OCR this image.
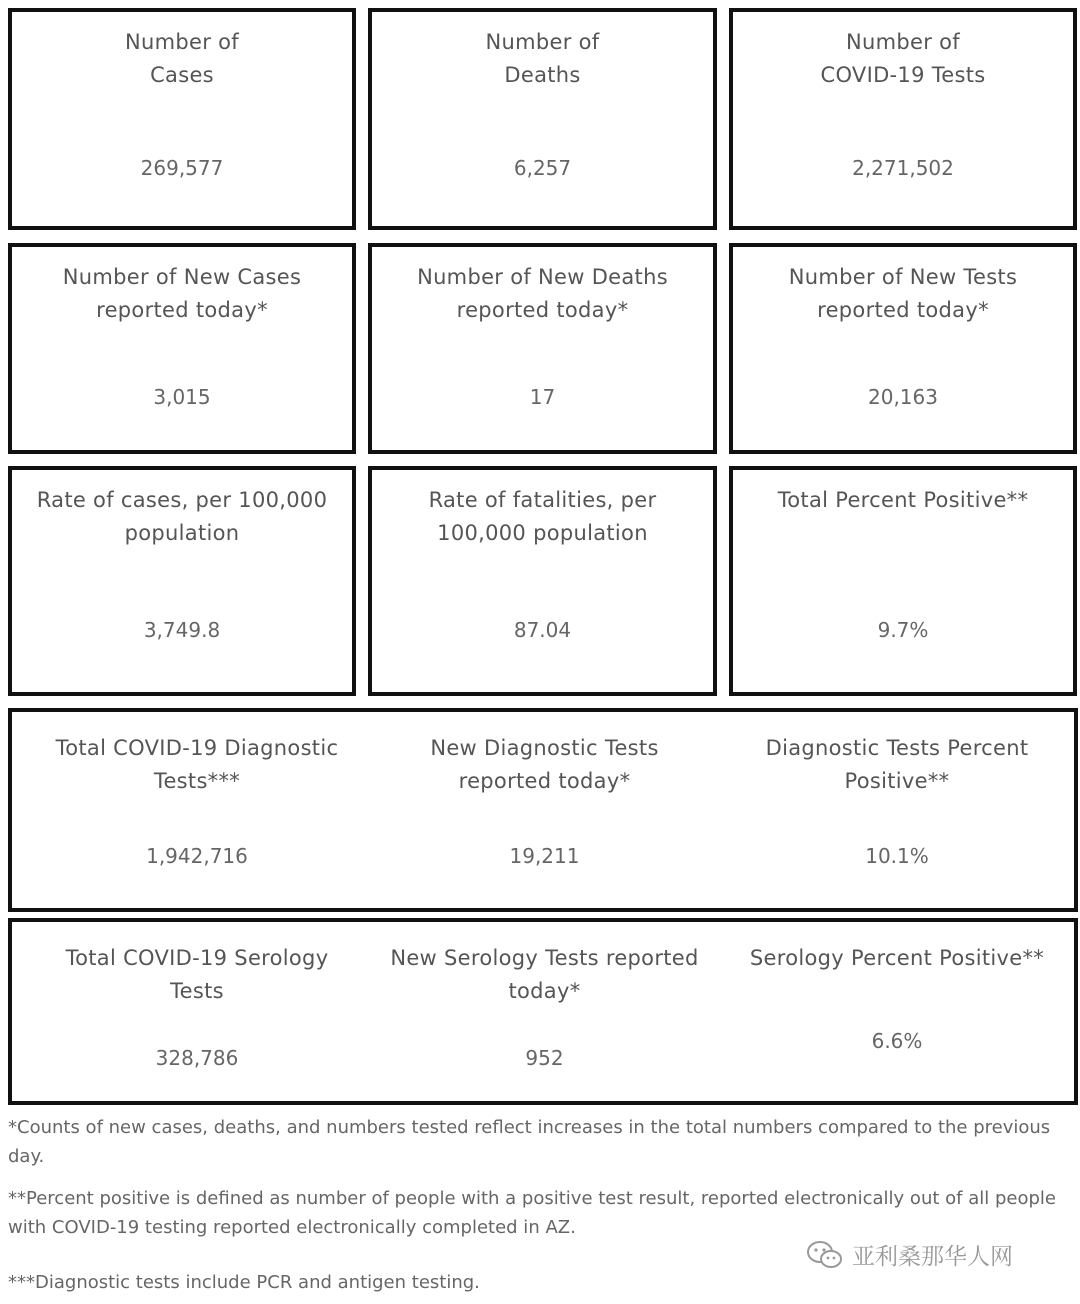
Number of
Cases
269,577
Number of
Deaths
6,257
Number of
COVID-19 Tests
2,271,502
Number of New Cases
reported today*
3,015
Number of New Deaths
reported today*
17
Number of New Tests
reported today*
20,163
Rate of cases, per 100,000
population
3,749.8
Rate of fatalities, per
100,000 population
87.04
Total Percent Positive**
9.7%
Total COVID-19 Diagnostic
Tests***
1,942,716
New Diagnostic Tests
reported today*
19,211
Diagnostic Tests Percent
Positive**
10.1%
Total COVID-19 Serology
Tests
328,786
New Serology Tests reported
today*
952
Serology Percent Positive**
6.6%
*Counts of new cases, deaths, and numbers tested reflect increases in the total numbers compared to the previous day.
**Percent positive is defined as number of people with a positive test result, reported electronically out of all people with COVID-19 testing reported electronically completed in AZ.
***Diagnostic tests include PCR and antigen testing.
亚利桑那华人网
